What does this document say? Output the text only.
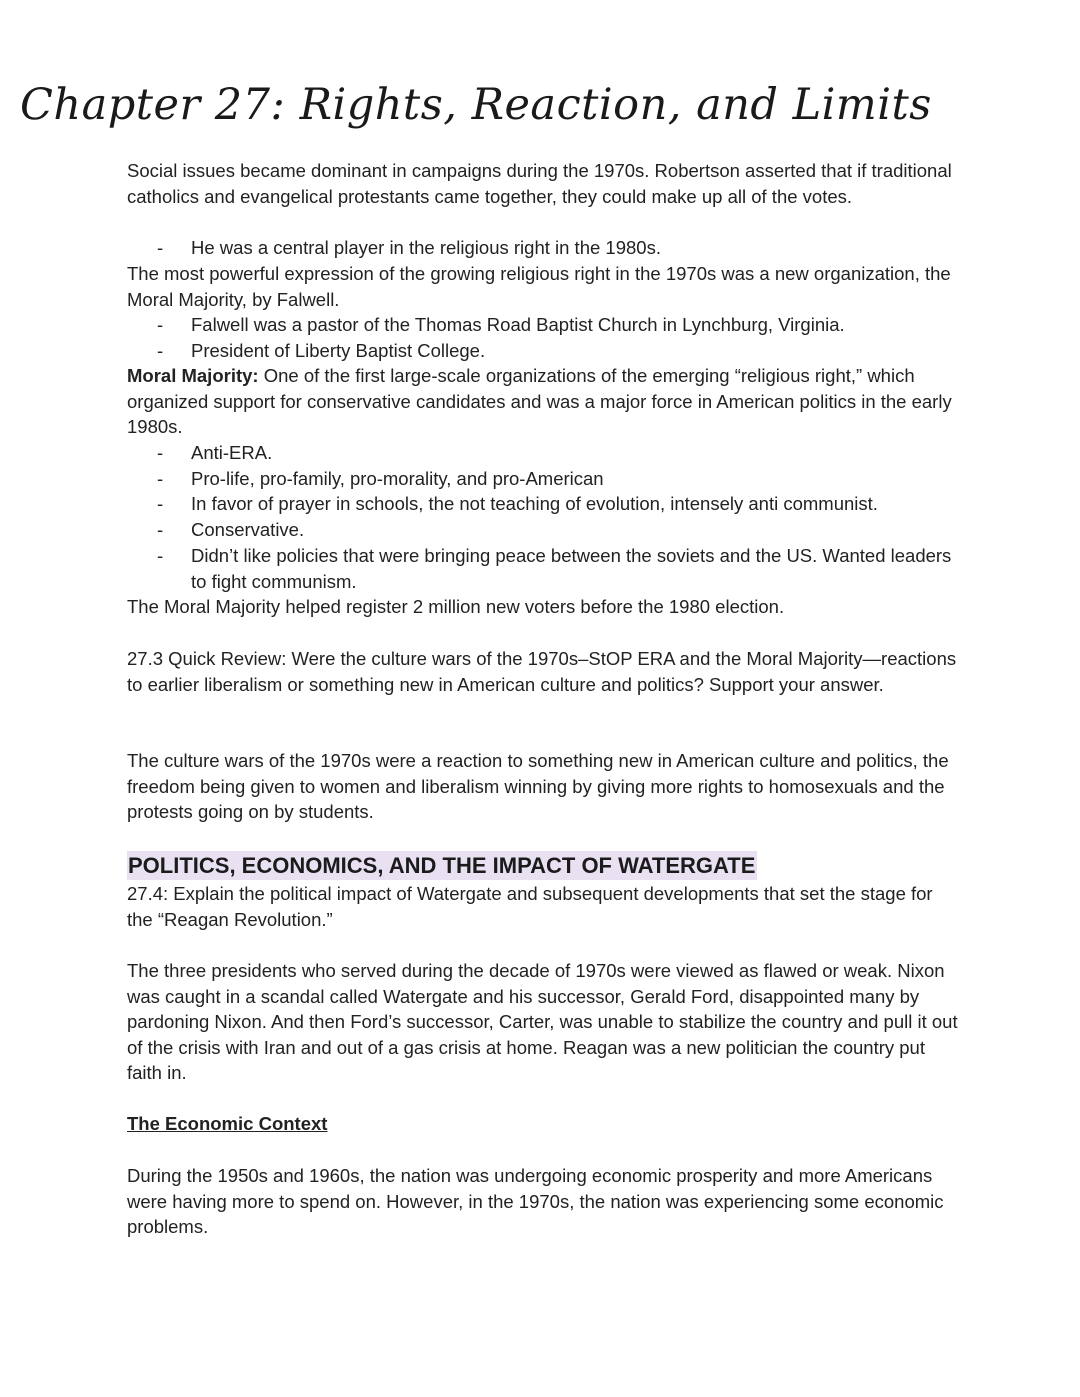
Chapter 27: Rights, Reaction, and Limits
Social issues became dominant in campaigns during the 1970s. Robertson asserted that if traditional catholics and evangelical protestants came together, they could make up all of the votes.
- He was a central player in the religious right in the 1980s.
The most powerful expression of the growing religious right in the 1970s was a new organization, the Moral Majority, by Falwell.
- Falwell was a pastor of the Thomas Road Baptist Church in Lynchburg, Virginia.
- President of Liberty Baptist College.
Moral Majority: One of the first large-scale organizations of the emerging “religious right,” which organized support for conservative candidates and was a major force in American politics in the early 1980s.
- Anti-ERA.
- Pro-life, pro-family, pro-morality, and pro-American
- In favor of prayer in schools, the not teaching of evolution, intensely anti communist.
- Conservative.
- Didn’t like policies that were bringing peace between the soviets and the US. Wanted leaders to fight communism.
The Moral Majority helped register 2 million new voters before the 1980 election.
27.3 Quick Review: Were the culture wars of the 1970s–StOP ERA and the Moral Majority—reactions to earlier liberalism or something new in American culture and politics? Support your answer.
The culture wars of the 1970s were a reaction to something new in American culture and politics, the freedom being given to women and liberalism winning by giving more rights to homosexuals and the protests going on by students.
POLITICS, ECONOMICS, AND THE IMPACT OF WATERGATE
27.4: Explain the political impact of Watergate and subsequent developments that set the stage for the “Reagan Revolution.”
The three presidents who served during the decade of 1970s were viewed as flawed or weak. Nixon was caught in a scandal called Watergate and his successor, Gerald Ford, disappointed many by pardoning Nixon. And then Ford’s successor, Carter, was unable to stabilize the country and pull it out of the crisis with Iran and out of a gas crisis at home. Reagan was a new politician the country put faith in.
The Economic Context
During the 1950s and 1960s, the nation was undergoing economic prosperity and more Americans were having more to spend on. However, in the 1970s, the nation was experiencing some economic problems.
